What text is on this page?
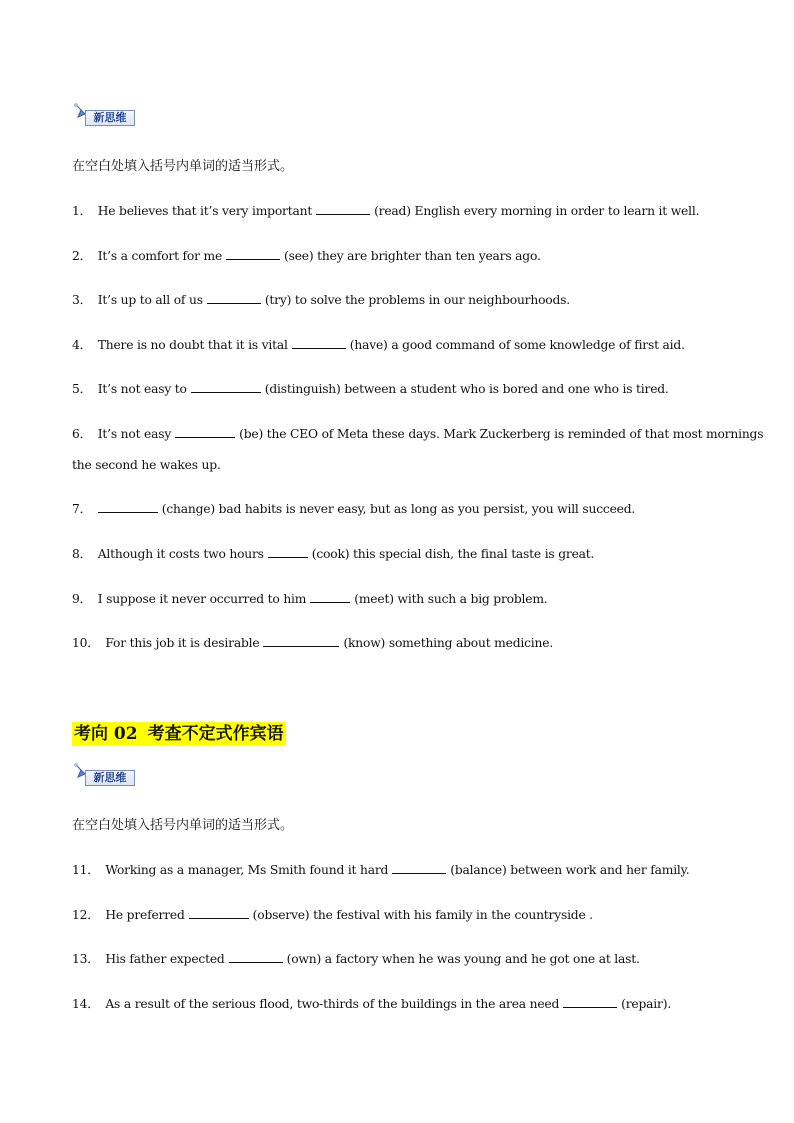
新思维
在空白处填入括号内单词的适当形式。
1． He believes that it’s very important	(read) English every morning in order to learn it well.
2． It’s a comfort for me	(see) they are brighter than ten years ago.
3． It’s up to all of us	(try) to solve the problems in our neighbourhoods.
4． There is no doubt that it is vital	(have) a good command of some knowledge of first aid.
5． It’s not easy to	(distinguish) between a student who is bored and one who is tired.
6． It’s not easy	(be) the CEO of Meta these days. Mark Zuckerberg is reminded of that most mornings
the second he wakes up.
7．	(change) bad habits is never easy, but as long as you persist, you will succeed.
8． Although it costs two hours	(cook) this special dish, the final taste is great.
9． I suppose it never occurred to him	(meet) with such a big problem.
10． For this job it is desirable	(know) something about medicine.
考向 02 考查不定式作宾语
新思维
在空白处填入括号内单词的适当形式。
11． Working as a manager, Ms Smith found it hard	(balance) between work and her family.
12． He preferred	(observe) the festival with his family in the countryside .
13． His father expected	(own) a factory when he was young and he got one at last.
14． As a result of the serious flood, two-thirds of the buildings in the area need	(repair).
